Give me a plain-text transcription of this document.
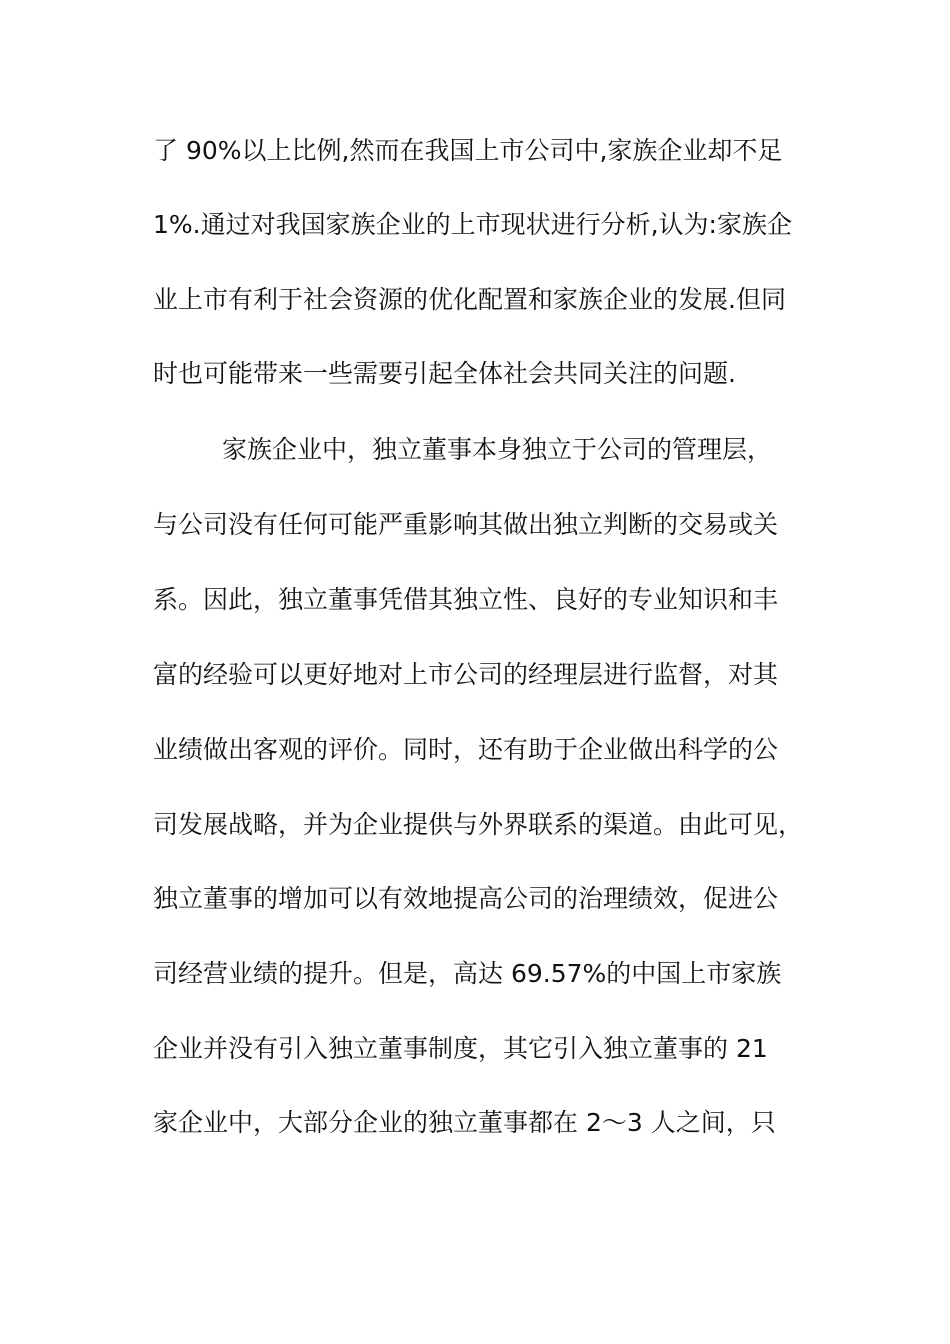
了 90%以上比例,然而在我国上市公司中,家族企业却不足
1%.通过对我国家族企业的上市现状进行分析,认为:家族企
业上市有利于社会资源的优化配置和家族企业的发展.但同
时也可能带来一些需要引起全体社会共同关注的问题.
家族企业中，独立董事本身独立于公司的管理层，
与公司没有任何可能严重影响其做出独立判断的交易或关
系。因此，独立董事凭借其独立性、良好的专业知识和丰
富的经验可以更好地对上市公司的经理层进行监督，对其
业绩做出客观的评价。同时，还有助于企业做出科学的公
司发展战略，并为企业提供与外界联系的渠道。由此可见，
独立董事的增加可以有效地提高公司的治理绩效，促进公
司经营业绩的提升。但是，高达 69.57%的中国上市家族
企业并没有引入独立董事制度，其它引入独立董事的 21
家企业中，大部分企业的独立董事都在 2～3 人之间，只
